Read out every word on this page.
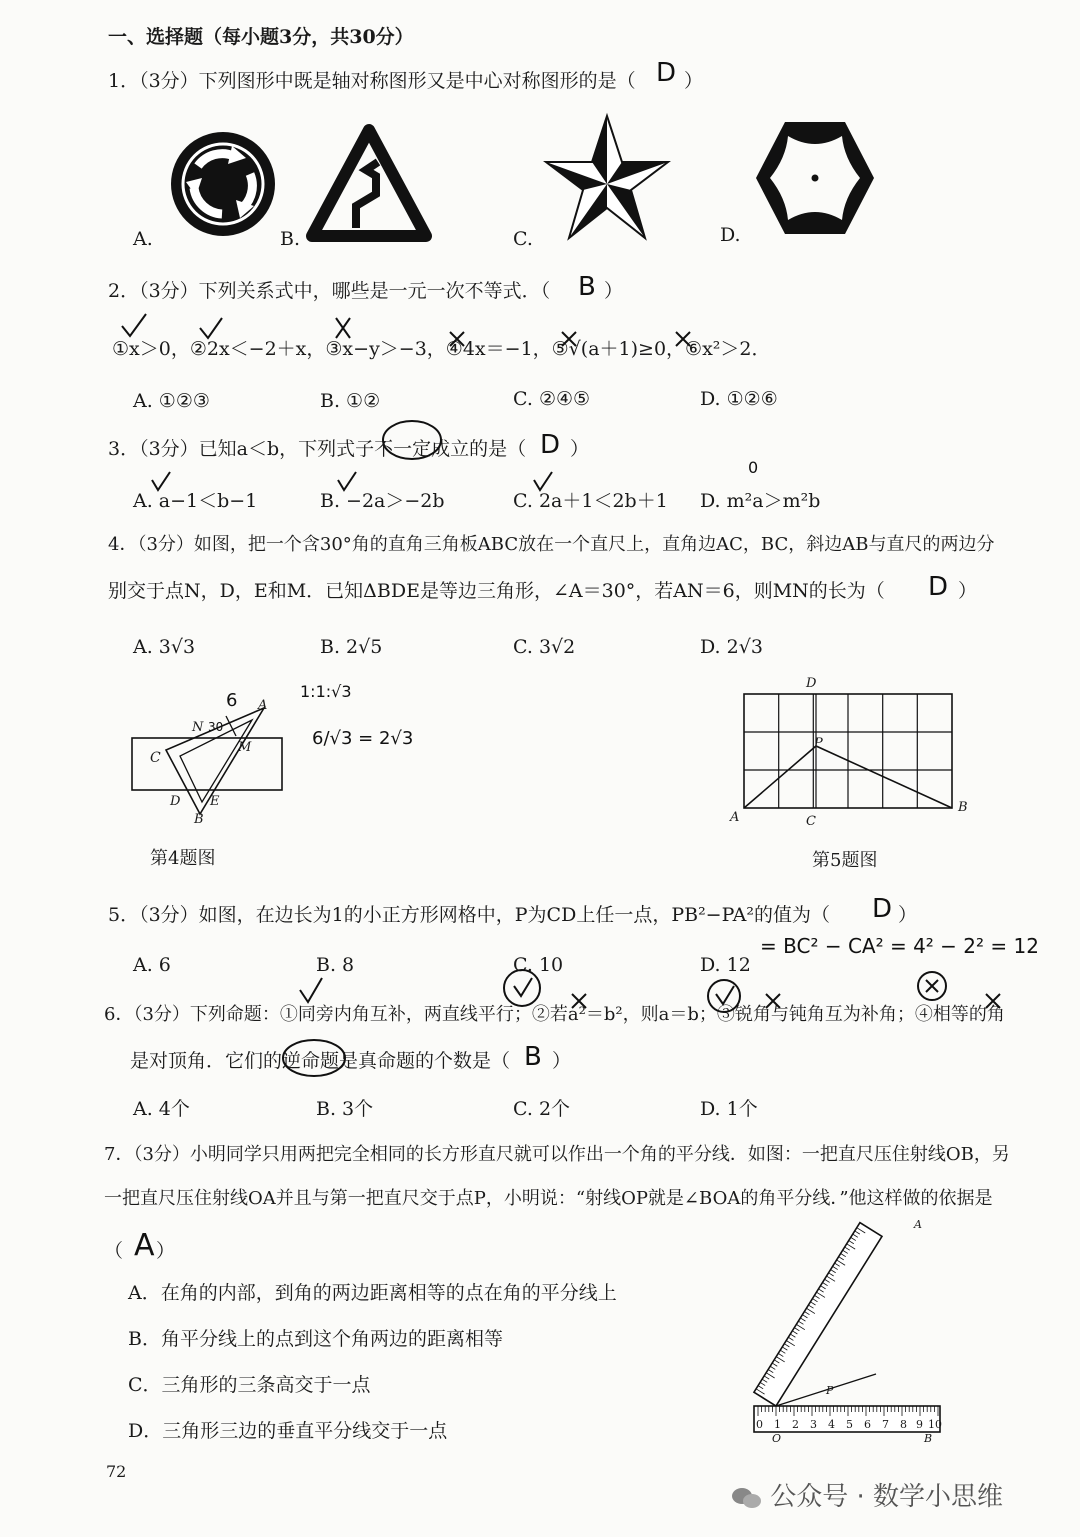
一、选择题（每小题3分，共30分）
1．（3分）下列图形中既是轴对称图形又是中心对称图形的是（ D ）
A.	B.	C.	D.
2．（3分）下列关系式中，哪些是一元一次不等式．（ B ）
①x＞0，②2x＜−2＋x，③x−y＞−3，④4x＝−1，⑤√(a＋1)≥0，⑥x²＞2．
A. ①②③	B. ①②	C. ②④⑤	D. ①②⑥
3．（3分）已知a＜b，下列式子不一定成立的是（ D ）
0
A. a−1＜b−1	B. −2a＞−2b	C. 2a＋1＜2b＋1 D. m²a＞m²b
4．（3分）如图，把一个含30°角的直角三角板ABC放在一个直尺上，直角边AC，BC，斜边AB与直尺的两边分
别交于点N，D，E和M．已知ΔBDE是等边三角形，∠A＝30°，若AN＝6，则MN的长为（ D ）
A. 3√3	B. 2√5	C. 3√2	D. 2√3
A
B
C
D E
M
N 30
6	1:1:√3
6/√3 = 2√3
第4题图
D
P
A	C
B
第5题图
5．（3分）如图，在边长为1的小正方形网格中，P为CD上任一点，PB²−PA²的值为（ D ）
= BC² − CA² = 4² − 2² = 12
A. 6	B. 8	C. 10	D. 12
6．（3分）下列命题：①同旁内角互补，两直线平行；②若a²＝b²，则a＝b；③锐角与钝角互为补角；④相等的角
是对顶角．它们的逆命题是真命题的个数是（ B ）
A. 4个	B. 3个	C. 2个	D. 1个
7．（3分）小明同学只用两把完全相同的长方形直尺就可以作出一个角的平分线．如图：一把直尺压住射线OB，另
一把直尺压住射线OA并且与第一把直尺交于点P，小明说：“射线OP就是∠BOA的角平分线．”他这样做的依据是
（ A ）
A．在角的内部，到角的两边距离相等的点在角的平分线上
B．角平分线上的点到这个角两边的距离相等
C．三角形的三条高交于一点
D．三角形三边的垂直平分线交于一点	0 1 2 3 4 5 6 7 8 9 10
O	B
A
P
72
公众号 · 数学小思维
